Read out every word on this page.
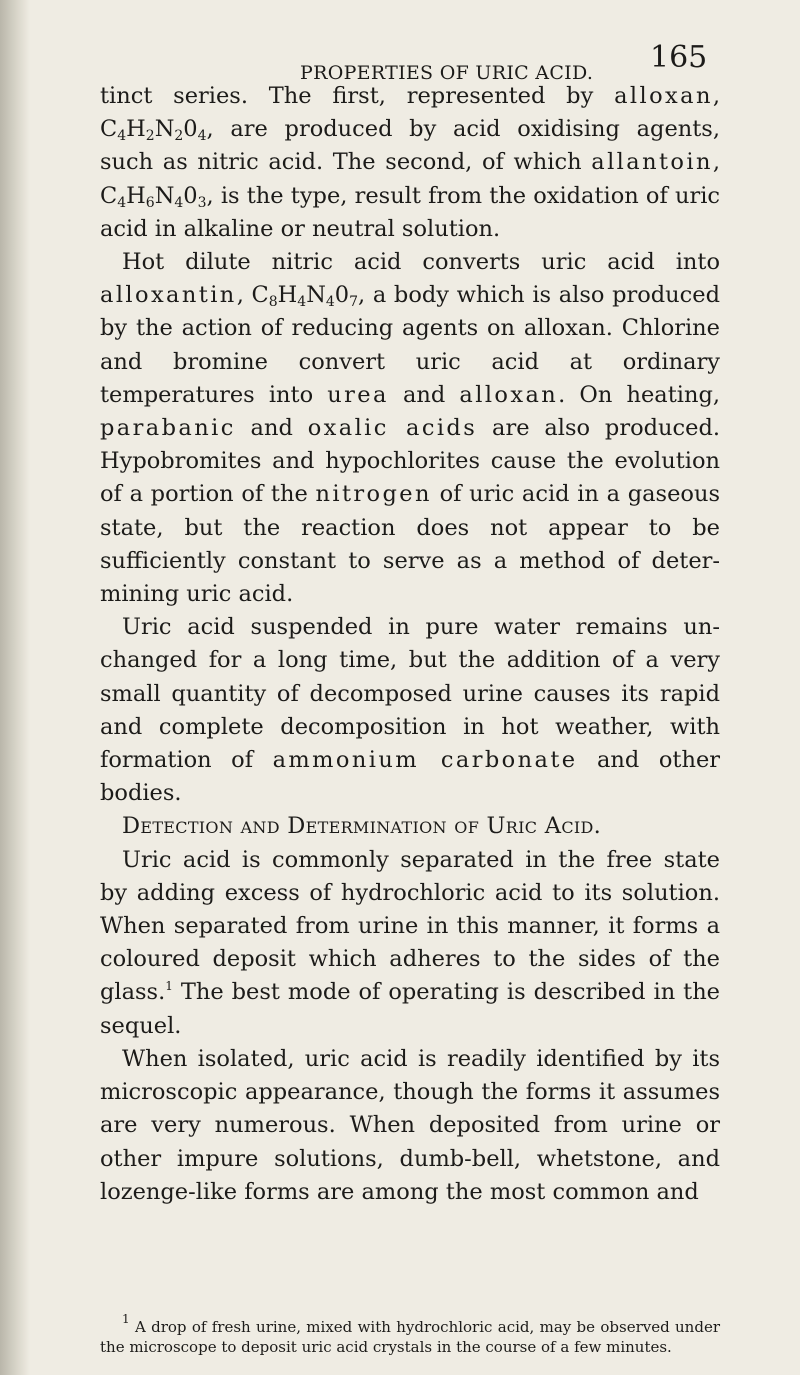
PROPERTIES OF URIC ACID. 165

tinct series. The first, represented by alloxan, $C_4H_2N_20_4$, are produced by acid oxidising agents, such as nitric acid. The second, of which allantoin, $C_4H_6N_40_3$, is the type, result from the oxidation of uric acid in alkaline or neutral solution.

Hot dilute nitric acid converts uric acid into alloxantin, $C_8H_4N_40_7$, a body which is also produced by the action of reducing agents on alloxan. Chlorine and bromine convert uric acid at ordinary temperatures into urea and alloxan. On heating, parabanic and oxalic acids are also produced. Hypobromites and hypochlorites cause the evolution of a portion of the nitrogen of uric acid in a gaseous state, but the reaction does not appear to be sufficiently constant to serve as a method of determining uric acid.

Uric acid suspended in pure water remains unchanged for a long time, but the addition of a very small quantity of decomposed urine causes its rapid and complete decomposition in hot weather, with formation of ammonium carbonate and other bodies.

Detection and Determination of Uric Acid.

Uric acid is commonly separated in the free state by adding excess of hydrochloric acid to its solution. When separated from urine in this manner, it forms a coloured deposit which adheres to the sides of the glass.$^1$ The best mode of operating is described in the sequel.

When isolated, uric acid is readily identified by its microscopic appearance, though the forms it assumes are very numerous. When deposited from urine or other impure solutions, dumb-bell, whetstone, and lozenge-like forms are among the most common and

$^1$ A drop of fresh urine, mixed with hydrochloric acid, may be observed under the microscope to deposit uric acid crystals in the course of a few minutes.
